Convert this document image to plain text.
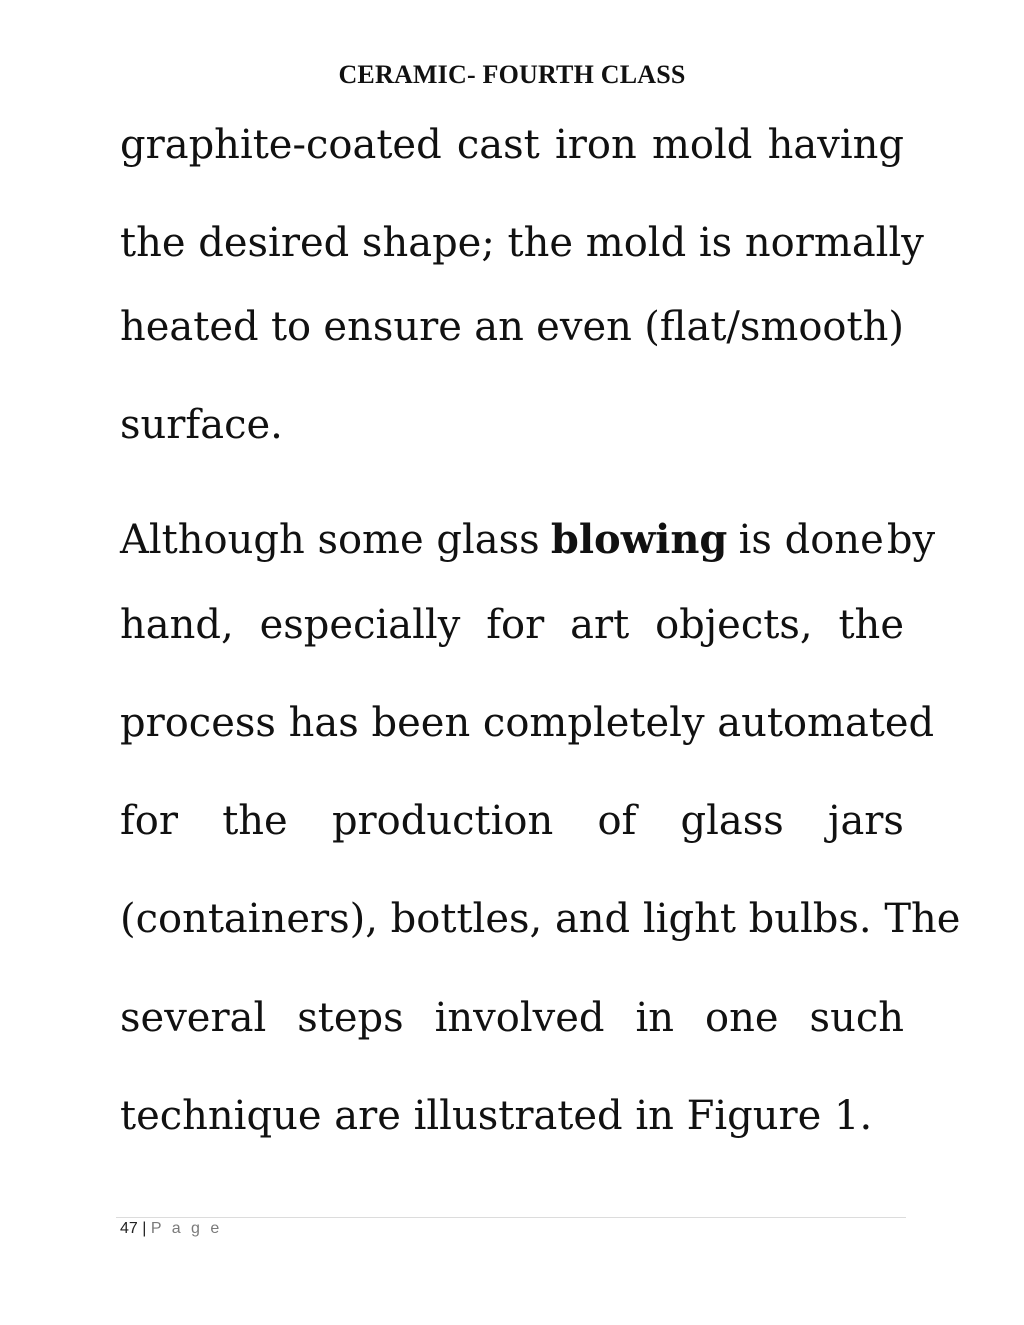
CERAMIC- FOURTH CLASS
graphite-coated cast iron mold having
the desired shape; the mold is normally
heated to ensure an even (flat/smooth)
surface.
Although some glass blowing is done by
hand, especially for art objects, the
process has been completely automated
for the production of glass jars
(containers), bottles, and light bulbs. The
several steps involved in one such
technique are illustrated in Figure 1.
47 | P a g e
